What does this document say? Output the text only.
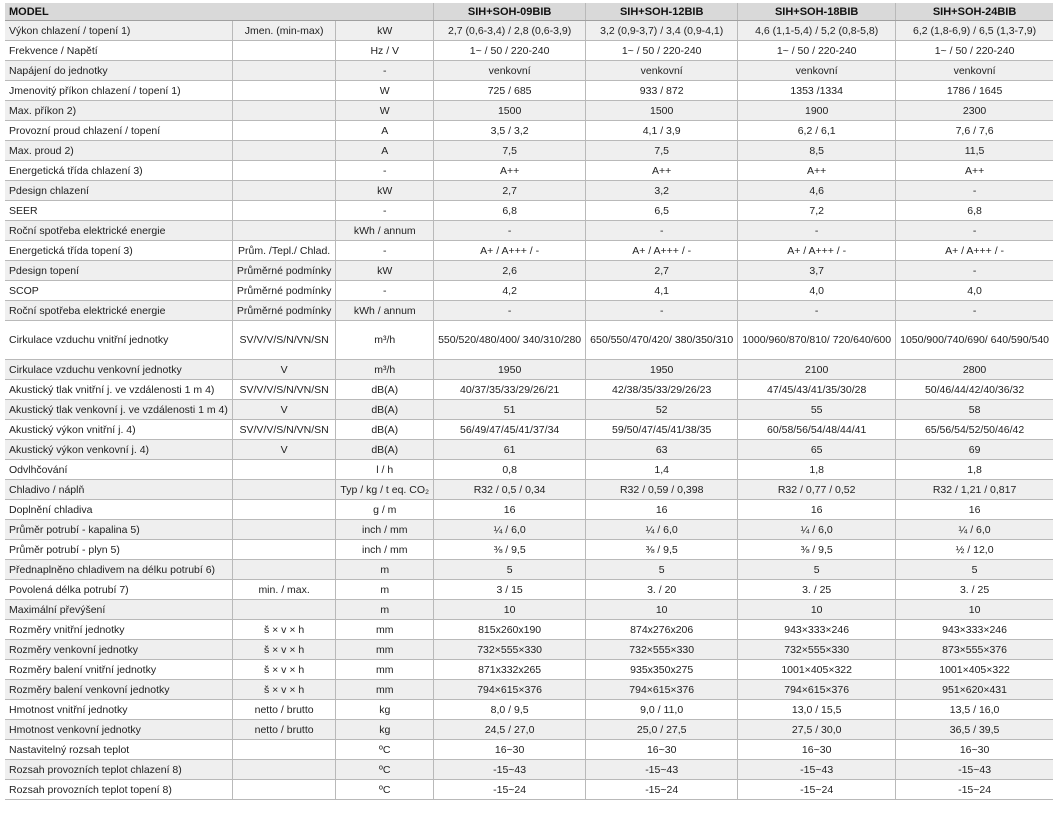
MODEL			SIH+SOH-09BIB	SIH+SOH-12BIB	SIH+SOH-18BIB	SIH+SOH-24BIB
Výkon chlazení / topení 1)	Jmen. (min-max)	kW	2,7 (0,6-3,4) / 2,8 (0,6-3,9)	3,2 (0,9-3,7) / 3,4 (0,9-4,1)	4,6 (1,1-5,4) / 5,2 (0,8-5,8)	6,2 (1,8-6,9) / 6,5 (1,3-7,9)
Frekvence / Napětí		Hz / V	1~ / 50 / 220-240	1~ / 50 / 220-240	1~ / 50 / 220-240	1~ / 50 / 220-240
Napájení do jednotky		-	venkovní	venkovní	venkovní	venkovní
Jmenovitý příkon chlazení / topení 1)		W	725 / 685	933 / 872	1353 /1334	1786 / 1645
Max. příkon 2)		W	1500	1500	1900	2300
Provozní proud chlazení / topení		A	3,5 / 3,2	4,1 / 3,9	6,2 / 6,1	7,6 / 7,6
Max. proud 2)		A	7,5	7,5	8,5	11,5
Energetická třída chlazení 3)		-	A++	A++	A++	A++
Pdesign chlazení		kW	2,7	3,2	4,6	-
SEER		-	6,8	6,5	7,2	6,8
Roční spotřeba elektrické energie		kWh / annum	-	-	-	-
Energetická třída topení 3)	Prům. /Tepl./ Chlad.	-	A+ / A+++ / -	A+ / A+++ / -	A+ / A+++ / -	A+ / A+++ / -
Pdesign topení	Průměrné podmínky	kW	2,6	2,7	3,7	-
SCOP	Průměrné podmínky	-	4,2	4,1	4,0	4,0
Roční spotřeba elektrické energie	Průměrné podmínky	kWh / annum	-	-	-	-
Cirkulace vzduchu vnitřní jednotky	SV/V/V/S/N/VN/SN	m³/h	550/520/480/400/ 340/310/280	650/550/470/420/ 380/350/310	1000/960/870/810/ 720/640/600	1050/900/740/690/ 640/590/540
Cirkulace vzduchu venkovní jednotky	V	m³/h	1950	1950	2100	2800
Akustický tlak vnitřní j. ve vzdálenosti 1 m 4)	SV/V/V/S/N/VN/SN	dB(A)	40/37/35/33/29/26/21	42/38/35/33/29/26/23	47/45/43/41/35/30/28	50/46/44/42/40/36/32
Akustický tlak venkovní j. ve vzdálenosti 1 m 4)	V	dB(A)	51	52	55	58
Akustický výkon vnitřní j. 4)	SV/V/V/S/N/VN/SN	dB(A)	56/49/47/45/41/37/34	59/50/47/45/41/38/35	60/58/56/54/48/44/41	65/56/54/52/50/46/42
Akustický výkon venkovní j. 4)	V	dB(A)	61	63	65	69
Odvlhčování		l / h	0,8	1,4	1,8	1,8
Chladivo / náplň		Typ / kg / t eq. CO₂	R32 / 0,5 / 0,34	R32 / 0,59 / 0,398	R32 / 0,77 / 0,52	R32 / 1,21 / 0,817
Doplnění chladiva		g / m	16	16	16	16
Průměr potrubí - kapalina 5)		inch / mm	¼ / 6,0	¼ / 6,0	¼ / 6,0	¼ / 6,0
Průměr potrubí - plyn 5)		inch / mm	⅜ / 9,5	⅜ / 9,5	⅜ / 9,5	½ / 12,0
Přednaplněno chladivem na délku potrubí 6)		m	5	5	5	5
Povolená délka potrubí 7)	min. / max.	m	3 / 15	3. / 20	3. / 25	3. / 25
Maximální převýšení		m	10	10	10	10
Rozměry vnitřní jednotky	š × v × h	mm	815x260x190	874x276x206	943×333×246	943×333×246
Rozměry venkovní jednotky	š × v × h	mm	732×555×330	732×555×330	732×555×330	873×555×376
Rozměry balení vnitřní jednotky	š × v × h	mm	871x332x265	935x350x275	1001×405×322	1001×405×322
Rozměry balení venkovní jednotky	š × v × h	mm	794×615×376	794×615×376	794×615×376	951×620×431
Hmotnost vnitřní jednotky	netto / brutto	kg	8,0 / 9,5	9,0 / 11,0	13,0 / 15,5	13,5 / 16,0
Hmotnost venkovní jednotky	netto / brutto	kg	24,5 / 27,0	25,0 / 27,5	27,5 / 30,0	36,5 / 39,5
Nastavitelný rozsah teplot		ºC	16~30	16~30	16~30	16~30
Rozsah provozních teplot chlazení 8)		ºC	-15~43	-15~43	-15~43	-15~43
Rozsah provozních teplot topení 8)		ºC	-15~24	-15~24	-15~24	-15~24
